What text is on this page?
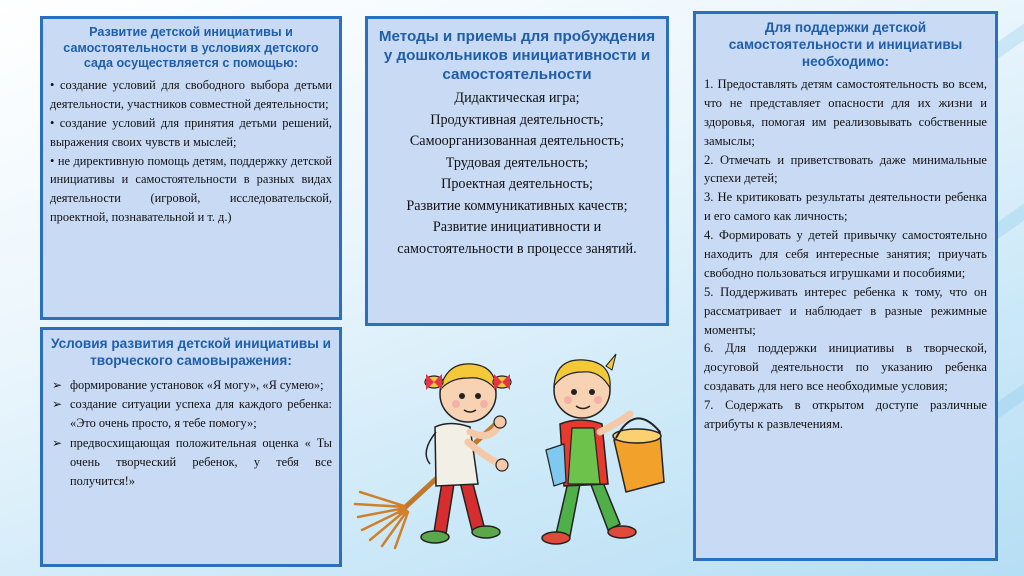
Развитие детской инициативы и самостоятельности в условиях детского сада осуществляется с помощью:
• создание условий для свободного выбора детьми деятельности, участников совместной деятельности;
• создание условий для принятия детьми решений, выражения своих чувств и мыслей;
• не директивную помощь детям, поддержку детской инициативы и самостоятельности в разных видах деятельности (игровой, исследовательской, проектной, познавательной и т. д.)
Условия развития детской инициативы и творческого самовыражения:
➢ формирование установок «Я могу», «Я сумею»;
➢ создание ситуации успеха для каждого ребенка: «Это очень просто, я тебе помогу»;
➢ предвосхищающая положительная оценка « Ты очень творческий ребенок, у тебя все получится!»
Методы и приемы для пробуждения у дошкольников инициативности и самостоятельности
Дидактическая игра;
Продуктивная деятельность;
Самоорганизованная деятельность;
Трудовая деятельность;
Проектная деятельность;
Развитие коммуникативных качеств;
Развитие инициативности и самостоятельности в процессе занятий.
Для поддержки детской самостоятельности и инициативы необходимо:
1. Предоставлять детям самостоятельность во всем, что не представляет опасности для их жизни и здоровья, помогая им реализовывать собственные замыслы;
2. Отмечать и приветствовать даже минимальные успехи детей;
3. Не критиковать результаты деятельности ребенка и его самого как личность;
4. Формировать у детей привычку самостоятельно находить для себя интересные занятия; приучать свободно пользоваться игрушками и пособиями;
5. Поддерживать интерес ребенка к тому, что он рассматривает и наблюдает в разные режимные моменты;
6. Для поддержки инициативы в творческой, досуговой деятельности по указанию ребенка создавать для него все необходимые условия;
7. Содержать в открытом доступе различные атрибуты к развлечениям.
